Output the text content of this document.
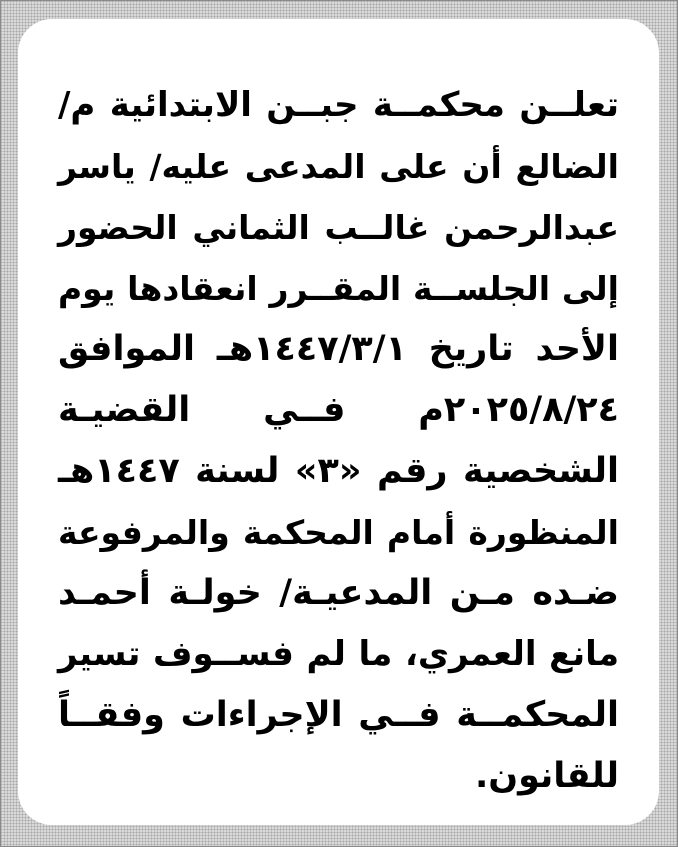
تعلــن محكمــة جبــن الابتدائية م/
الضالع أن على المدعى عليه/ ياسر
عبدالرحمن غالــب الثماني الحضور
إلى الجلســة المقــرر انعقادها يوم
الأحد تاريخ ١٤٤٧/٣/١هـ الموافق
٢٠٢٥/٨/٢٤م فــي القضيـة
الشخصية رقم «٣» لسنة ١٤٤٧هـ
المنظورة أمام المحكمة والمرفوعة
ضـده مـن المدعيـة/ خولـة أحمـد
مانع العمري، ما لم فســوف تسير
المحكمــة فــي الإجراءات وفقــاً
للقانون.
